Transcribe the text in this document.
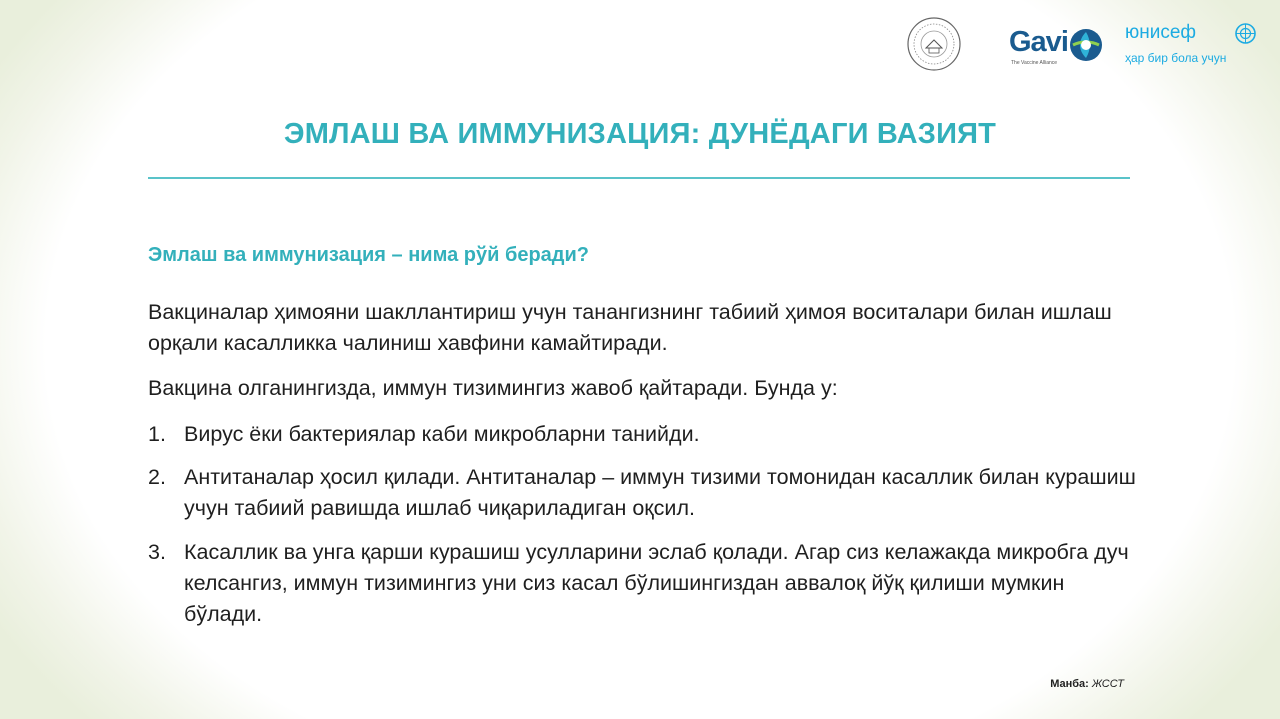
Gavi
The Vaccine Alliance
юнисеф
ҳар бир бола учун
ЭМЛАШ ВА ИММУНИЗАЦИЯ: ДУНЁДАГИ ВАЗИЯТ
Эмлаш ва иммунизация – нима рўй беради?
Вакциналар ҳимояни шакллантириш учун танангизнинг табиий ҳимоя воситалари билан ишлаш орқали касалликка чалиниш хавфини камайтиради.
Вакцина олганингизда, иммун тизимингиз жавоб қайтаради. Бунда у:
1. Вирус ёки бактериялар каби микробларни танийди.
2. Антитаналар ҳосил қилади. Антитаналар – иммун тизими томонидан касаллик билан курашиш учун табиий равишда ишлаб чиқариладиган оқсил.
3. Касаллик ва унга қарши курашиш усулларини эслаб қолади. Агар сиз келажакда микробга дуч келсангиз, иммун тизимингиз уни сиз касал бўлишингиздан аввалоқ йўқ қилиши мумкин бўлади.
Манба: ЖССТ
